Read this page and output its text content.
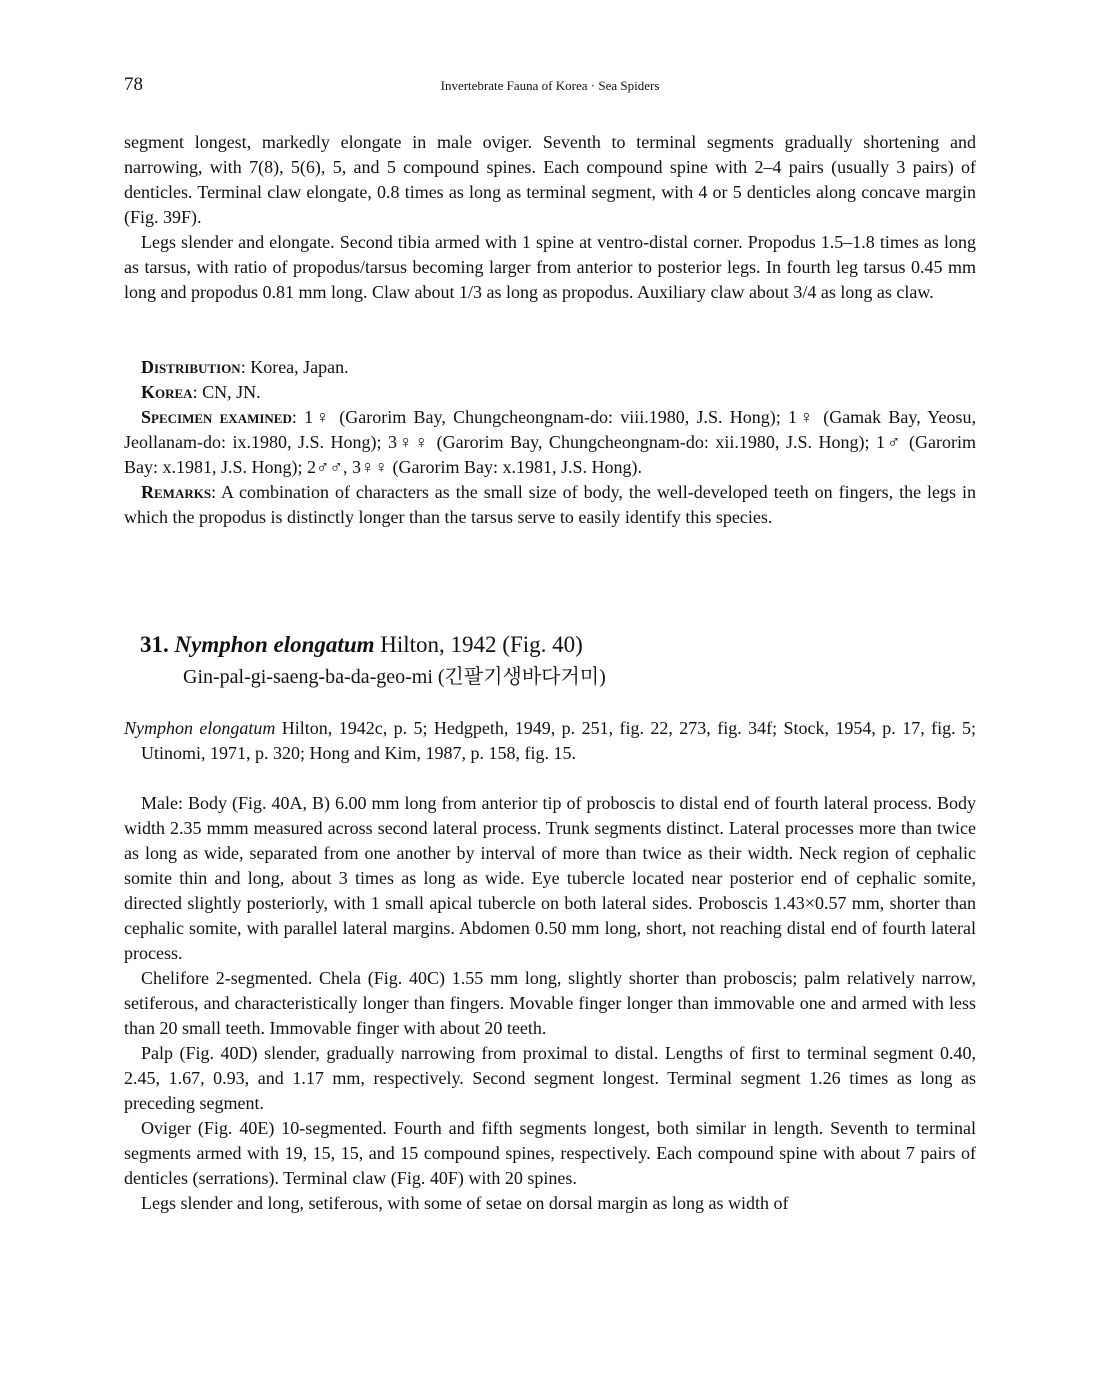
78	Invertebrate Fauna of Korea · Sea Spiders

segment longest, markedly elongate in male oviger. Seventh to terminal segments gradually shortening and narrowing, with 7(8), 5(6), 5, and 5 compound spines. Each compound spine with 2–4 pairs (usually 3 pairs) of denticles. Terminal claw elongate, 0.8 times as long as terminal segment, with 4 or 5 denticles along concave margin (Fig. 39F).

Legs slender and elongate. Second tibia armed with 1 spine at ventro-distal corner. Propodus 1.5–1.8 times as long as tarsus, with ratio of propodus/tarsus becoming larger from anterior to posterior legs. In fourth leg tarsus 0.45 mm long and propodus 0.81 mm long. Claw about 1/3 as long as propodus. Auxiliary claw about 3/4 as long as claw.

Distribution: Korea, Japan.

Korea: CN, JN.

Specimen examined: 1♀ (Garorim Bay, Chungcheongnam-do: viii.1980, J.S. Hong); 1♀ (Gamak Bay, Yeosu, Jeollanam-do: ix.1980, J.S. Hong); 3♀♀ (Garorim Bay, Chungcheongnam-do: xii.1980, J.S. Hong); 1♂ (Garorim Bay: x.1981, J.S. Hong); 2♂♂, 3♀♀ (Garorim Bay: x.1981, J.S. Hong).

Remarks: A combination of characters as the small size of body, the well-developed teeth on fingers, the legs in which the propodus is distinctly longer than the tarsus serve to easily identify this species.

31. Nymphon elongatum Hilton, 1942 (Fig. 40)
Gin-pal-gi-saeng-ba-da-geo-mi (긴팔기생바다거미)

Nymphon elongatum Hilton, 1942c, p. 5; Hedgpeth, 1949, p. 251, fig. 22, 273, fig. 34f; Stock, 1954, p. 17, fig. 5; Utinomi, 1971, p. 320; Hong and Kim, 1987, p. 158, fig. 15.

Male: Body (Fig. 40A, B) 6.00 mm long from anterior tip of proboscis to distal end of fourth lateral process. Body width 2.35 mmm measured across second lateral process. Trunk segments distinct. Lateral processes more than twice as long as wide, separated from one another by interval of more than twice as their width. Neck region of cephalic somite thin and long, about 3 times as long as wide. Eye tubercle located near posterior end of cephalic somite, directed slightly posteriorly, with 1 small apical tubercle on both lateral sides. Proboscis 1.43×0.57 mm, shorter than cephalic somite, with parallel lateral margins. Abdomen 0.50 mm long, short, not reaching distal end of fourth lateral process.

Chelifore 2-segmented. Chela (Fig. 40C) 1.55 mm long, slightly shorter than proboscis; palm relatively narrow, setiferous, and characteristically longer than fingers. Movable finger longer than immovable one and armed with less than 20 small teeth. Immovable finger with about 20 teeth.

Palp (Fig. 40D) slender, gradually narrowing from proximal to distal. Lengths of first to terminal segment 0.40, 2.45, 1.67, 0.93, and 1.17 mm, respectively. Second segment longest. Terminal segment 1.26 times as long as preceding segment.

Oviger (Fig. 40E) 10-segmented. Fourth and fifth segments longest, both similar in length. Seventh to terminal segments armed with 19, 15, 15, and 15 compound spines, respectively. Each compound spine with about 7 pairs of denticles (serrations). Terminal claw (Fig. 40F) with 20 spines.

Legs slender and long, setiferous, with some of setae on dorsal margin as long as width of
